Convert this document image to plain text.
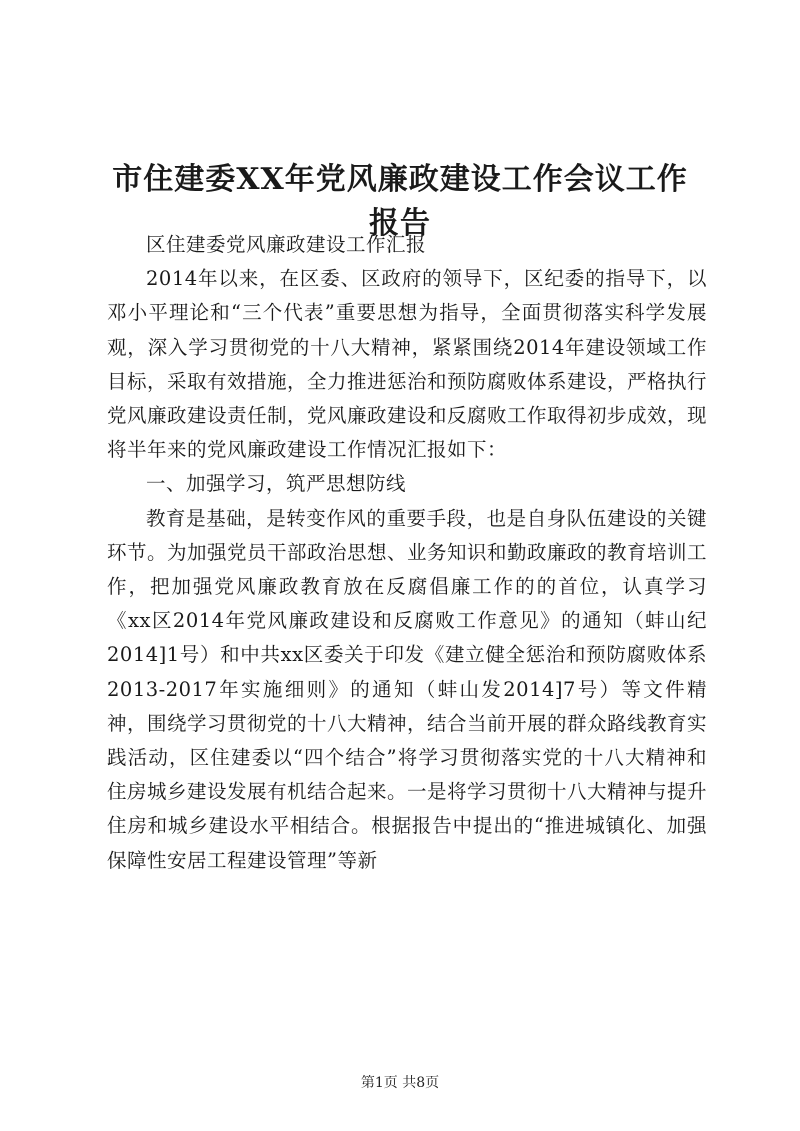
市住建委XX年党风廉政建设工作会议工作报告

区住建委党风廉政建设工作汇报

2014年以来，在区委、区政府的领导下，区纪委的指导下，以邓小平理论和“三个代表”重要思想为指导，全面贯彻落实科学发展观，深入学习贯彻党的十八大精神，紧紧围绕2014年建设领域工作目标，采取有效措施，全力推进惩治和预防腐败体系建设，严格执行党风廉政建设责任制，党风廉政建设和反腐败工作取得初步成效，现将半年来的党风廉政建设工作情况汇报如下：

一、加强学习，筑严思想防线

教育是基础，是转变作风的重要手段，也是自身队伍建设的关键环节。为加强党员干部政治思想、业务知识和勤政廉政的教育培训工作，把加强党风廉政教育放在反腐倡廉工作的的首位，认真学习《xx区2014年党风廉政建设和反腐败工作意见》的通知（蚌山纪2014]1号）和中共xx区委关于印发《建立健全惩治和预防腐败体系2013-2017年实施细则》的通知（蚌山发2014]7号）等文件精神，围绕学习贯彻党的十八大精神，结合当前开展的群众路线教育实践活动，区住建委以“四个结合”将学习贯彻落实党的十八大精神和住房城乡建设发展有机结合起来。一是将学习贯彻十八大精神与提升住房和城乡建设水平相结合。根据报告中提出的“推进城镇化、加强保障性安居工程建设管理”等新

第1页 共8页
